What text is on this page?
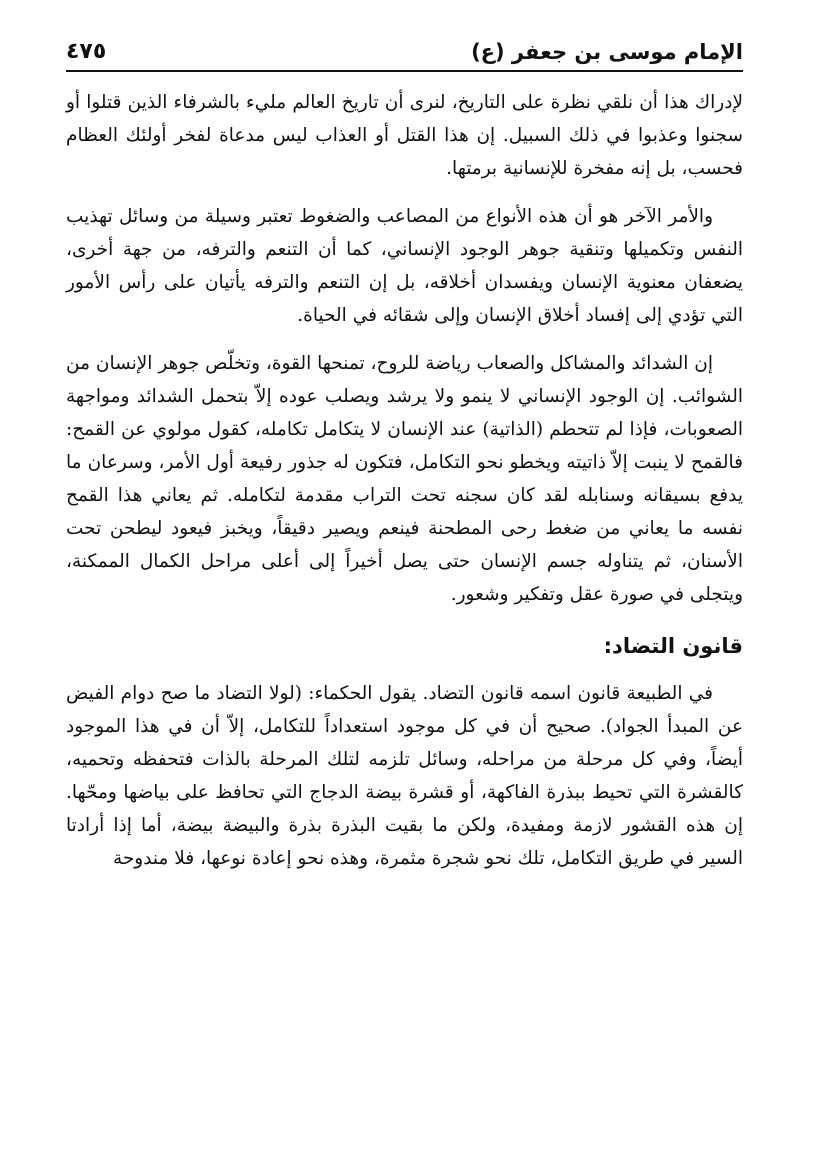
الإمام موسى بن جعفر (ع)
٤٧٥

لإدراك هذا أن نلقي نظرة على التاريخ، لنرى أن تاريخ العالم مليء بالشرفاء الذين قتلوا أو سجنوا وعذبوا في ذلك السبيل. إن هذا القتل أو العذاب ليس مدعاة لفخر أولئك العظام فحسب، بل إنه مفخرة للإنسانية برمتها.

والأمر الآخر هو أن هذه الأنواع من المصاعب والضغوط تعتبر وسيلة من وسائل تهذيب النفس وتكميلها وتنقية جوهر الوجود الإنساني، كما أن التنعم والترفه، من جهة أخرى، يضعفان معنوية الإنسان ويفسدان أخلاقه، بل إن التنعم والترفه يأتيان على رأس الأمور التي تؤدي إلى إفساد أخلاق الإنسان وإلى شقائه في الحياة.

إن الشدائد والمشاكل والصعاب رياضة للروح، تمنحها القوة، وتخلّص جوهر الإنسان من الشوائب. إن الوجود الإنساني لا ينمو ولا يرشد ويصلب عوده إلاّ بتحمل الشدائد ومواجهة الصعوبات، فإذا لم تتحطم (الذاتية) عند الإنسان لا يتكامل تكامله، كقول مولوي عن القمح: فالقمح لا ينبت إلاّ ذاتيته ويخطو نحو التكامل، فتكون له جذور رفيعة أول الأمر، وسرعان ما يدفع بسيقانه وسنابله لقد كان سجنه تحت التراب مقدمة لتكامله. ثم يعاني هذا القمح نفسه ما يعاني من ضغط رحى المطحنة فينعم ويصير دقيقاً، ويخبز فيعود ليطحن تحت الأسنان، ثم يتناوله جسم الإنسان حتى يصل أخيراً إلى أعلى مراحل الكمال الممكنة، ويتجلى في صورة عقل وتفكير وشعور.

قانون التضاد:

في الطبيعة قانون اسمه قانون التضاد. يقول الحكماء: (لولا التضاد ما صح دوام الفيض عن المبدأ الجواد). صحيح أن في كل موجود استعداداً للتكامل، إلاّ أن في هذا الموجود أيضاً، وفي كل مرحلة من مراحله، وسائل تلزمه لتلك المرحلة بالذات فتحفظه وتحميه، كالقشرة التي تحيط ببذرة الفاكهة، أو قشرة بيضة الدجاج التي تحافظ على بياضها ومحّها. إن هذه القشور لازمة ومفيدة، ولكن ما بقيت البذرة بذرة والبيضة بيضة، أما إذا أرادتا السير في طريق التكامل، تلك نحو شجرة مثمرة، وهذه نحو إعادة نوعها، فلا مندوحة
